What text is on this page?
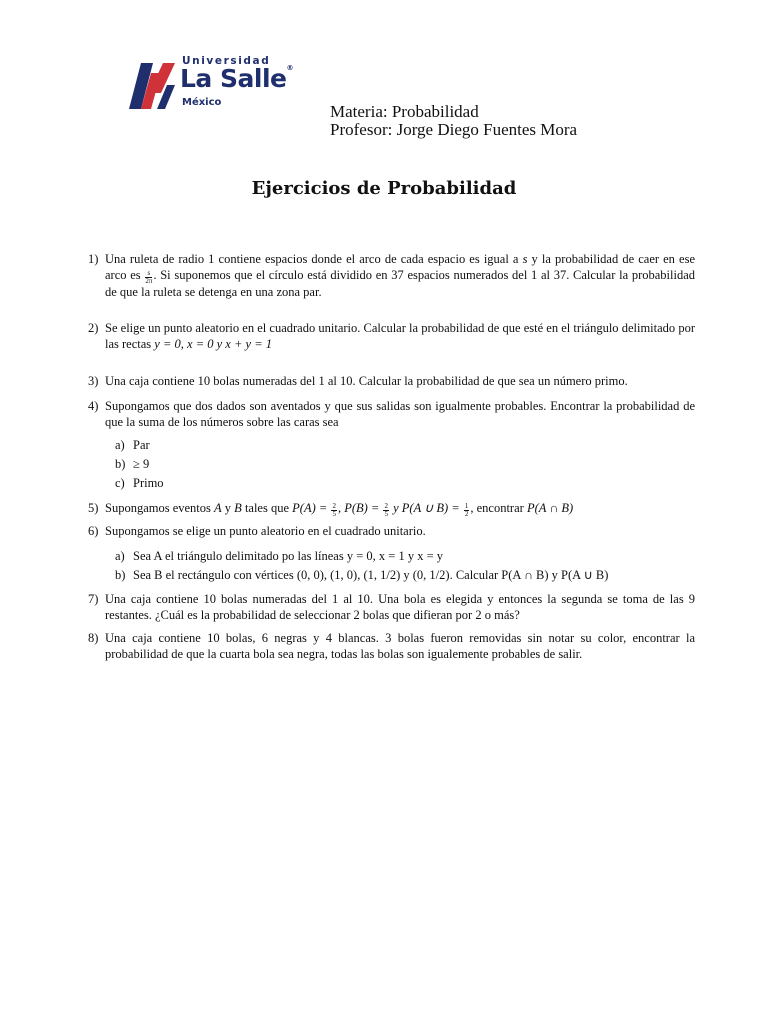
Universidad
La Salle®
México	Materia: Probabilidad
Profesor: Jorge Diego Fuentes Mora
Ejercicios de Probabilidad
1) Una ruleta de radio 1 contiene espacios donde el arco de cada espacio es igual a s y la probabilidad de caer en ese arco es $\frac{s}{2\pi}$ . Si suponemos que el círculo está dividido en 37 espacios numerados del 1 al 37. Calcular la probabilidad de que la ruleta se detenga en una zona par.
2) Se elige un punto aleatorio en el cuadrado unitario. Calcular la probabilidad de que esté en el triángulo delimitado por las rectas y = 0, x = 0 y x + y = 1
3) Una caja contiene 10 bolas numeradas del 1 al 10. Calcular la probabilidad de que sea un número primo.
4) Supongamos que dos dados son aventados y que sus salidas son igualmente probables. Encontrar la probabilidad de que la suma de los números sobre las caras sea
a) Par
b) ≥ 9
c) Primo
5) Supongamos eventos A y B tales que $P(A) = \frac{2}{5}$ , $P(B) = \frac{2}{5}$ y P(A ∪ $B) = \frac{1}{2}$ , encontrar P(A ∩ B)
6) Supongamos se elige un punto aleatorio en el cuadrado unitario.
a) Sea A el triángulo delimitado po las líneas y = 0, x = 1 y x = y
b) Sea B el rectángulo con vértices (0, 0), (1, 0), (1, 1/2) y (0, 1/2). Calcular P(A ∩ B) y P(A ∪ B)
7) Una caja contiene 10 bolas numeradas del 1 al 10. Una bola es elegida y entonces la segunda se toma de las 9 restantes. ¿Cuál es la probabilidad de seleccionar 2 bolas que difieran por 2 o más?
8) Una caja contiene 10 bolas, 6 negras y 4 blancas. 3 bolas fueron removidas sin notar su color, encontrar la probabilidad de que la cuarta bola sea negra, todas las bolas son igualemente probables de salir.
